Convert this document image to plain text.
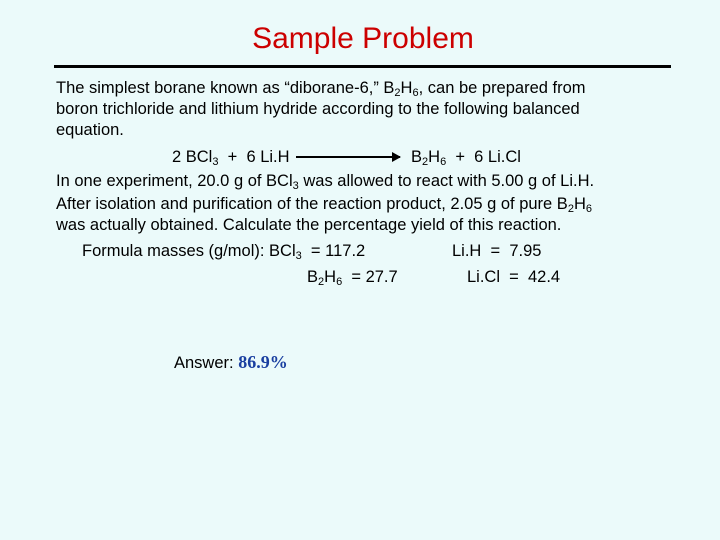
Sample Problem
The simplest borane known as “diborane-6,” $B_2H_6$, can be prepared from
boron trichloride and lithium hydride according to the following balanced
equation.
2 BCl$_3$  +  6 Li.H	$B_2H_6 + 6$ Li.Cl
In one experiment, 20.0 g of BCl$_3$ was allowed to react with 5.00 g of Li.H.
After isolation and purification of the reaction product, 2.05 g of pure $B_2H_6$
was actually obtained. Calculate the percentage yield of this reaction.
Formula masses (g/mol): BCl$_3$  = 117.2	Li.H  =  7.95
$B_2H_6 = 27.7$	Li.Cl  =  42.4
Answer: 86.9%
